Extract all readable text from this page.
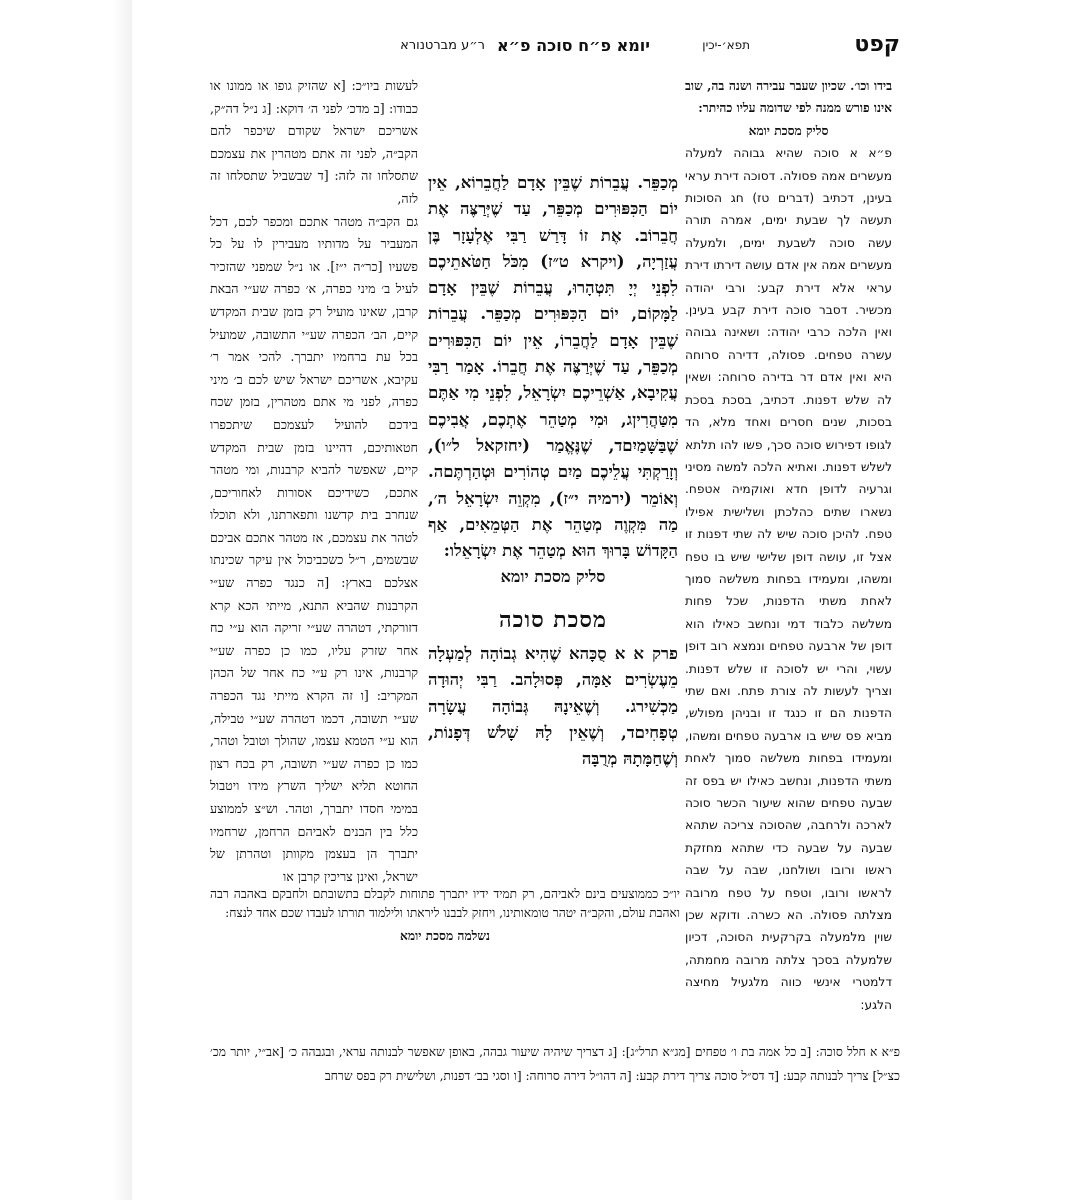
קפט
תפא׳-יכין
יומא פ״ח סוכה פ״א
ר״ע מברטנורא
לעשות ביו״כ: [א שהזיק גופו או ממונו או כבודו: [ב מדכ׳ לפני ה׳ דוקא: [ג נ״ל דה״ק, אשריכם ישראל שקודם שיכפר להם הקב״ה, לפני זה אתם מטהרין את עצמכם שתסלחו זה לזה: [ד שבשביל שתסלחו זה לזה,
גם הקב״ה מטהר אתכם ומכפר לכם, דכל המעביר על מדותיו מעבירין לו על כל פשעיו [כר״ה י״ז]. או נ״ל שמפני שהזכיר לעיל ב׳ מיני כפרה, א׳ כפרה שע״י הבאת קרבן, שאינו מועיל רק בזמן שבית המקדש קיים, הב׳ הכפרה שע״י התשובה, שמועיל בכל עת ברחמיו יתברך. להכי אמר ר׳ עקיבא, אשריכם ישראל שיש לכם ב׳ מיני כפרה, לפני מי אתם מטהרין, בזמן שכח בידכם להועיל לעצמכם שיתכפרו חטאותיכם, דהיינו בזמן שבית המקדש קיים, שאפשר להביא קרבנות, ומי מטהר אתכם, כשידיכם אסורות לאחוריכם, שנחרב בית קדשנו ותפארתנו, ולא תוכלו לטהר את עצמכם, אז מטהר אתכם אביכם שבשמים, ר״ל כשכביכול אין עיקר שכינתו אצלכם בארץ: [ה כנגד כפרה שע״י הקרבנות שהביא התנא, מייתי הכא קרא דזורקתי, דטהרה שע״י זריקה הוא ע״י כח אחר שזרק עליו, כמו כן כפרה שע״י קרבנות, אינו רק ע״י כח אחר של הכהן המקריב: [ו זה הקרא מייתי נגד הכפרה שע״י תשובה, דכמו דטהרה שע״י טבילה, הוא ע״י הטמא עצמו, שהולך וטובל וטהר, כמו כן כפרה שע״י תשובה, רק בכח רצון החוטא תליא ישליך השרץ מידו ויטבול במימי חסדו יתברך, וטהר. וש״צ לממוצע כלל בין הבנים לאביהם הרחמן, שרחמיו יתברך הן בעצמן מקוותן וטהרתן של ישראל, ואינן צריכין קרבן או
מְכַפֵּר. עֲבֵרוֹת שֶׁבֵּין אָדָם לַחֲבֵרוֹא, אֵין יוֹם הַכִּפּוּרִים מְכַפֵּר, עַד שֶׁיְּרַצֶּה אֶת חֲבֵרוֹב. אֶת זוֹ דָּרַשׁ רַבִּי אֶלְעָזָר בֶּן עֲזַרְיָה, (ויקרא ט״ז) מִכֹּל חַטֹּאתֵיכֶם לִפְנֵי יְיָ תִּטְהָרוּ, עֲבֵרוֹת שֶׁבֵּין אָדָם לַמָּקוֹם, יוֹם הַכִּפּוּרִים מְכַפֵּר. עֲבֵרוֹת שֶׁבֵּין אָדָם לַחֲבֵרוֹ, אֵין יוֹם הַכִּפּוּרִים מְכַפֵּר, עַד שֶׁיְּרַצֶּה אֶת חֲבֵרוֹ. אָמַר רַבִּי עֲקִיבָא, אַשְׁרֵיכֶם יִשְׂרָאֵל, לִפְנֵי מִי אַתֶּם מִטַּהֲרִיןג, וּמִי מְטַהֵר אֶתְכֶם, אֲבִיכֶם שֶׁבַּשָּׁמַיִםד, שֶׁנֶּאֱמַר (יחזקאל ל״ו), וְזָרַקְתִּי עֲלֵיכֶם מַיִם טְהוֹרִים וּטְהַרְתֶּםה. וְאוֹמֵר (ירמיה י״ז), מִקְוֵה יִשְׂרָאֵל ה׳, מַה מִּקְוֶה מְטַהֵר אֶת הַטְּמֵאִים, אַף הַקָּדוֹשׁ בָּרוּךְ הוּא מְטַהֵר אֶת יִשְׂרָאֵלו:
סליק מסכת יומא
מסכת סוכה
פרק א א סֻכָּהא שֶׁהִיא גְבוֹהָה לְמַעְלָה מֵעֶשְׂרִים אַמָּה, פְּסוּלָהב. רַבִּי יְהוּדָה מַכְשִׁירג. וְשֶׁאֵינָהּ גְּבוֹהָה עֲשָׂרָה טְפָחִיםד, וְשֶׁאֵין לָהּ שָׁלֹשׁ דְּפָנוֹת, וְשֶׁחַמָּתָהּ מְרֻבָּה
בידו וכו׳. שכיון שעבר עבירה ושנה בה, שוב אינו פורש ממנה לפי שדומה עליו כהיתר:
סליק מסכת יומא
פ״א א סוכה שהיא גבוהה למעלה מעשרים אמה פסולה. דסוכה דירת עראי בעינן, דכתיב (דברים טז) חג הסוכות תעשה לך שבעת ימים, אמרה תורה עשה סוכה לשבעת ימים, ולמעלה מעשרים אמה אין אדם עושה דירתו דירת עראי אלא דירת קבע: ורבי יהודה מכשיר. דסבר סוכה דירת קבע בעינן. ואין הלכה כרבי יהודה: ושאינה גבוהה עשרה טפחים. פסולה, דדירה סרוחה היא ואין אדם דר בדירה סרוחה: ושאין לה שלש דפנות. דכתיב, בסכת בסכת בסכות, שנים חסרים ואחד מלא, הד לגופו דפירוש סוכה סכך, פשו להו תלתא לשלש דפנות. ואתיא הלכה למשה מסיני וגרעיה לדופן חדא ואוקמיה אטפח. נשארו שתים כהלכתן ושלישית אפילו טפח. להיכן סוכה שיש לה שתי דפנות זו אצל זו, עושה דופן שלישי שיש בו טפח ומשהו, ומעמידו בפחות משלשה סמוך לאחת משתי הדפנות, שכל פחות משלשה כלבוד דמי ונחשב כאילו הוא דופן של ארבעה טפחים ונמצא רוב דופן עשוי, והרי יש לסוכה זו שלש דפנות. וצריך לעשות לה צורת פתח. ואם שתי הדפנות הם זו כנגד זו ובניהן מפולש, מביא פס שיש בו ארבעה טפחים ומשהו, ומעמידו בפחות משלשה סמוך לאחת משתי הדפנות, ונחשב כאילו יש בפס זה שבעה טפחים שהוא שיעור הכשר סוכה לארכה ולרחבה, שהסוכה צריכה שתהא שבעה על שבעה כדי שתהא מחזקת ראשו ורובו ושולחנו, שבה על שבה לראשו ורובו, וטפח על טפח מרובה מצלתה פסולה. הא כשרה. ודוקא שכן שוין מלמעלה בקרקעית הסוכה, דכיון שלמעלה בסכך צלתה מרובה מחמתה, דלמטרי אינשי כווה מלגעיל מחיצה הלגע:
יו״כ כממוצעים בינם לאביהם, רק תמיד ידיו יתברך פתוחות לקבלם בתשובתם ולחבקם באהבה רבה ואהבת עולם, והקב״ה יטהר טומאותינו, ויחזק לבבנו ליראתו ולילמוד תורתו לעבדו שכם אחד לנצח:
נשלמה מסכת יומא
פ״א א חלל סוכה: [ב כל אמה בת ו׳ טפחים [מג״א תרל״ג]: [ג דצריך שיהיה שיעור גבהה, באופן שאפשר לבנותה עראי, ובגבהה כ׳ [אב״י, יותר מכ׳ כצ״ל] צריך לבנותה קבע: [ד דס״ל סוכה צריך דירת קבע: [ה דהו״ל דירה סרוחה: [ו וסגי בב׳ דפנות, ושלישית רק בפס שרחב
